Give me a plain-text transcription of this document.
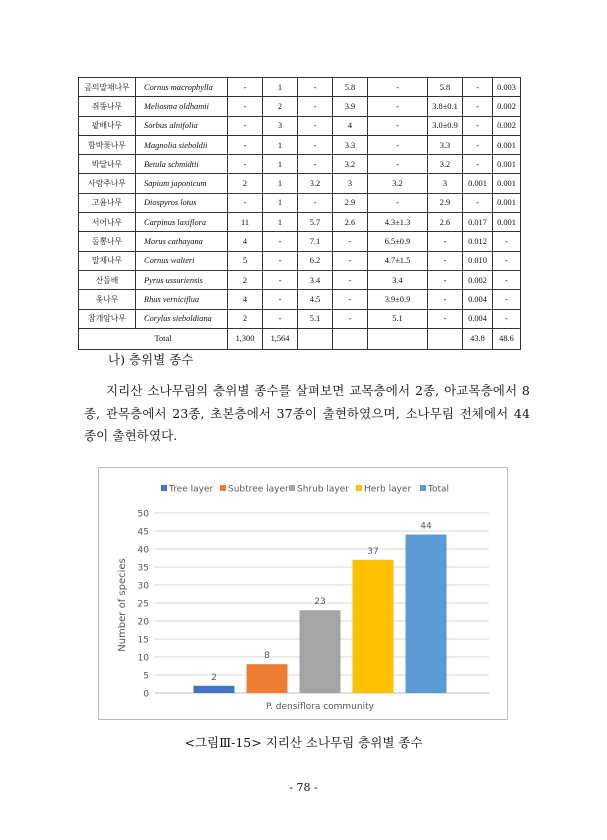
곰의말채나무	Cornus macrophylla	-	1	-	5.8	-	5.8	-	0.003
쥐똥나무	Meliosma oldhamii	-	2	-	3.9	-	3.8±0.1	-	0.002
팥배나무	Sorbus alnifolia	-	3	-	4	-	3.0±0.9	-	0.002
함박꽃나무	Magnolia sieboldii	-	1	-	3.3	-	3.3	-	0.001
박달나무	Betula schmidtii	-	1	-	3.2	-	3.2	-	0.001
사람주나무	Sapium japonicum	2	1	3.2	3	3.2	3	0.001	0.001
고욤나무	Diospyros lotus	-	1	-	2.9	-	2.9	-	0.001
서어나무	Carpinus laxiflora	11	1	5.7	2.6	4.3±1.3	2.6	0.017	0.001
돌뽕나무	Morus cathayana	4	-	7.1	-	6.5±0.9	-	0.012	-
말채나무	Cornus walteri	5	-	6.2	-	4.7±1.5	-	0.010	-
산돌배	Pyrus ussuriensis	2	-	3.4	-	3.4	-	0.002	-
옻나무	Rhus verniciflua	4	-	4.5	-	3.9±0.9	-	0.004	-
참개암나무	Corylus sieboldiana	2	-	5.1	-	5.1	-	0.004	-
Total		1,300	1,564					43.8	48.6
나) 층위별 종수
지리산 소나무림의 층위별 종수를 살펴보면 교목층에서 2종, 아교목층에서 8종, 관목층에서 23종, 초본층에서 37종이 출현하였으며, 소나무림 전체에서 44종이 출현하였다.
0
5
10
15
20
25
30
35
40
45
50
2
8
23
37
44
P. densiflora community
Number of species
Tree layer Subtree layer Shrub layer Herb layer Total
<그림Ⅲ-15> 지리산 소나무림 층위별 종수
- 78 -
